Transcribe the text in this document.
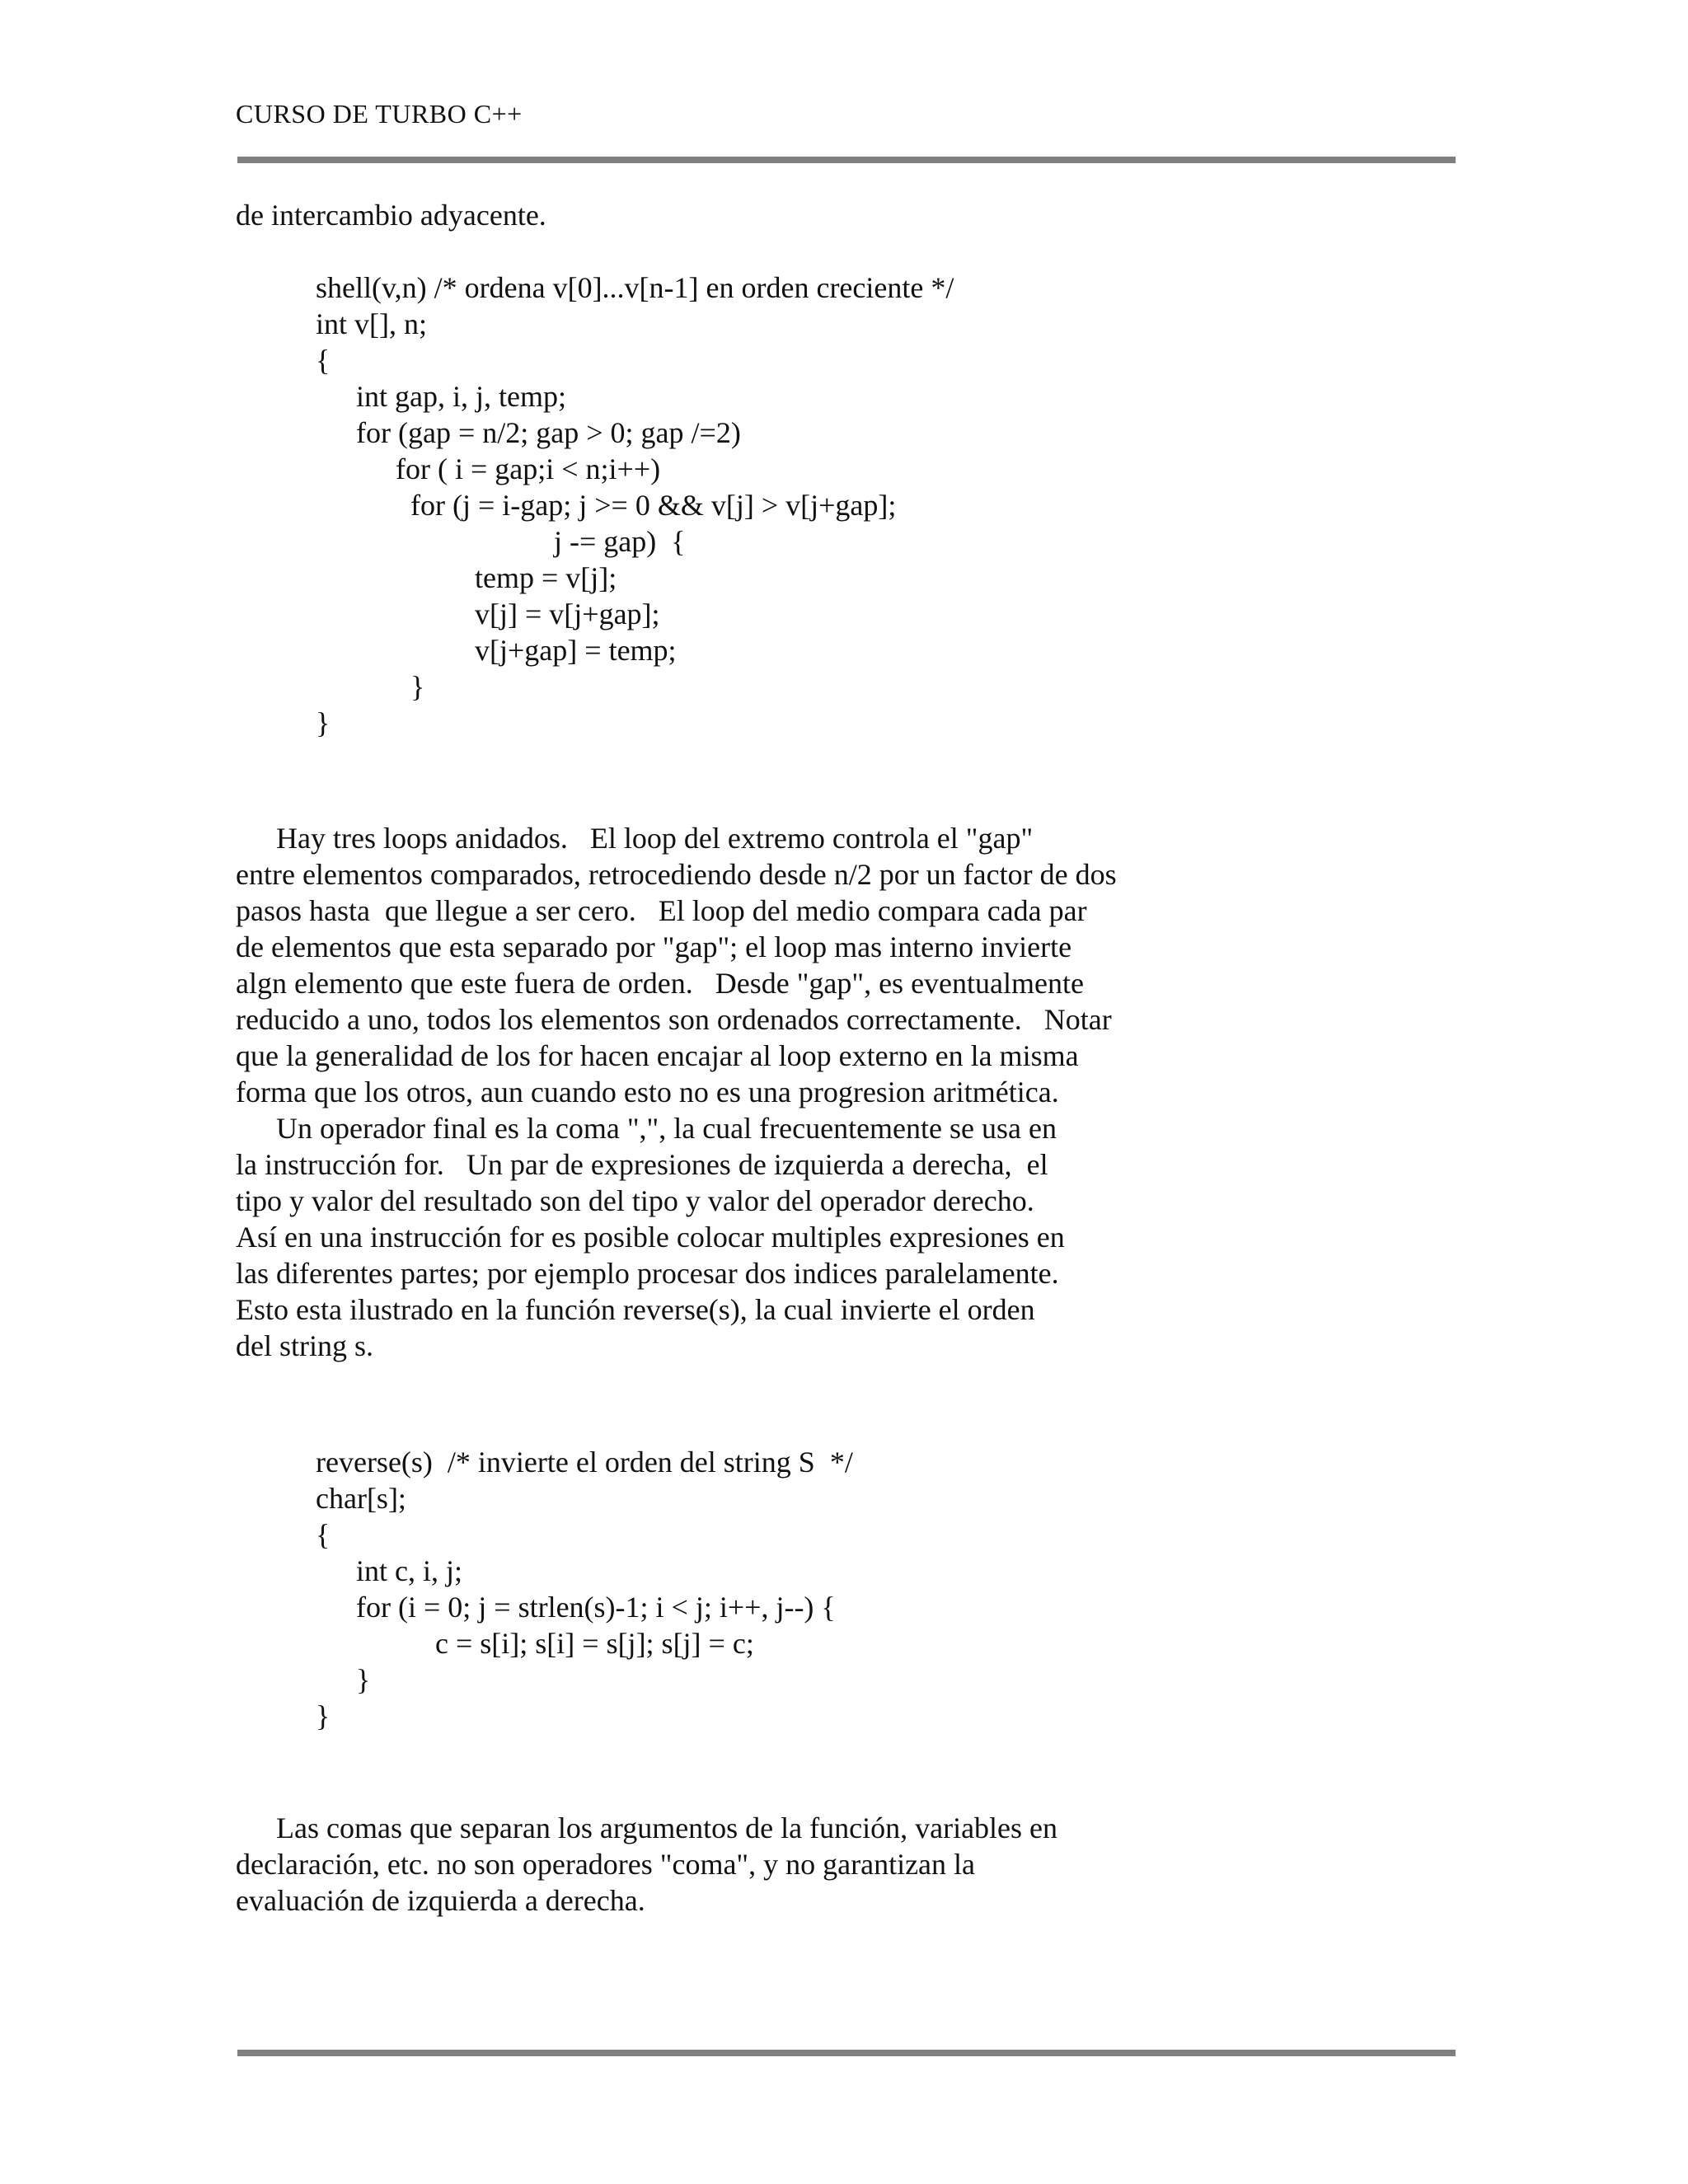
CURSO DE TURBO C++
de intercambio adyacente.
shell(v,n) /* ordena v[0]...v[n-1] en orden creciente */
int v[], n;
{
int gap, i, j, temp;
for (gap = n/2; gap > 0; gap /=2)
for ( i = gap;i < n;i++)
for (j = i-gap; j >= 0 && v[j] > v[j+gap];
j -= gap)  {
temp = v[j];
v[j] = v[j+gap];
v[j+gap] = temp;
}
}
Hay tres loops anidados.   El loop del extremo controla el "gap"
entre elementos comparados, retrocediendo desde n/2 por un factor de dos
pasos hasta  que llegue a ser cero.   El loop del medio compara cada par
de elementos que esta separado por "gap"; el loop mas interno invierte
algn elemento que este fuera de orden.   Desde "gap", es eventualmente
reducido a uno, todos los elementos son ordenados correctamente.   Notar
que la generalidad de los for hacen encajar al loop externo en la misma
forma que los otros, aun cuando esto no es una progresion aritmética.
Un operador final es la coma ",", la cual frecuentemente se usa en
la instrucción for.   Un par de expresiones de izquierda a derecha,  el
tipo y valor del resultado son del tipo y valor del operador derecho.
Así en una instrucción for es posible colocar multiples expresiones en
las diferentes partes; por ejemplo procesar dos indices paralelamente.
Esto esta ilustrado en la función reverse(s), la cual invierte el orden
del string s.
reverse(s)  /* invierte el orden del string S  */
char[s];
{
int c, i, j;
for (i = 0; j = strlen(s)-1; i < j; i++, j--) {
c = s[i]; s[i] = s[j]; s[j] = c;
}
}
Las comas que separan los argumentos de la función, variables en
declaración, etc. no son operadores "coma", y no garantizan la
evaluación de izquierda a derecha.
